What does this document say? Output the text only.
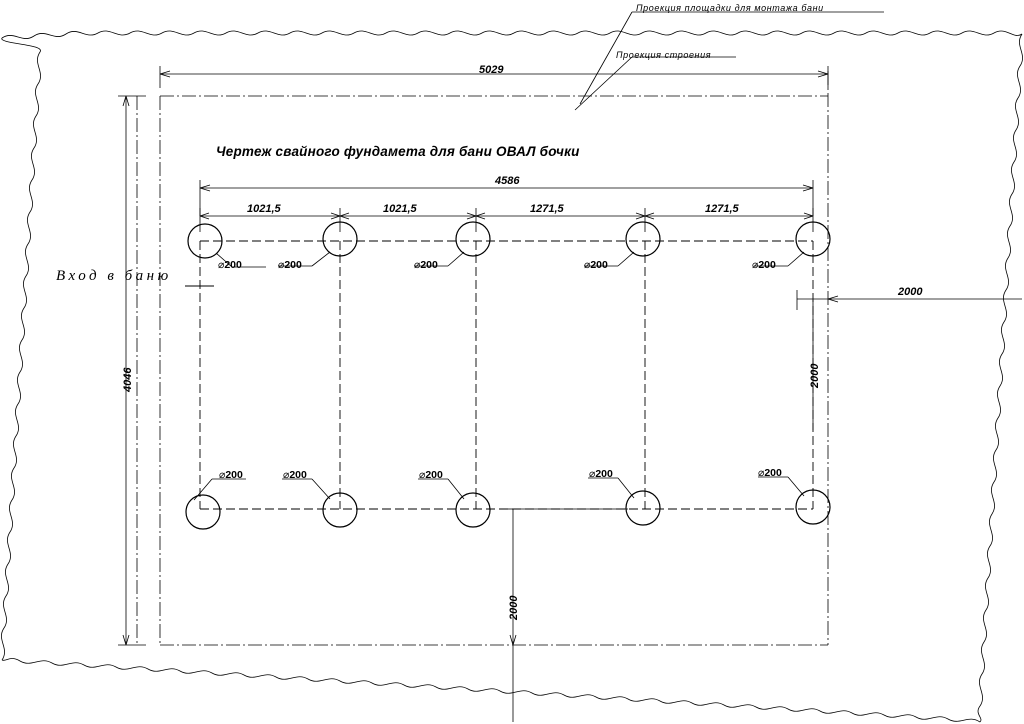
Проекция площадки для монтажа бани
Проекция строения
5029
4046
Чертеж свайного фундамета для бани ОВАЛ бочки
4586
1021,5	1021,5	1271,5	1271,5
⌀200	⌀200	⌀200	⌀200	⌀200
⌀200	⌀200	⌀200	⌀200	⌀200
Вход в баню
2000
2000
2000
